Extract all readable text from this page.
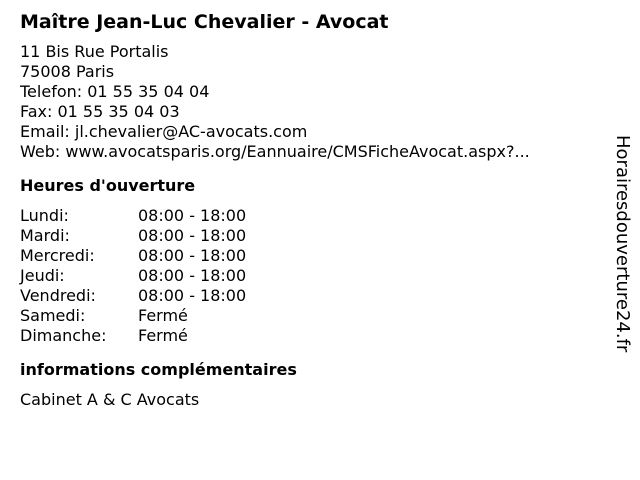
Maître Jean-Luc Chevalier - Avocat
11 Bis Rue Portalis
75008 Paris
Telefon: 01 55 35 04 04
Fax: 01 55 35 04 03
Email: jl.chevalier@AC-avocats.com
Web: www.avocatsparis.org/Eannuaire/CMSFicheAvocat.aspx?...
Heures d'ouverture
Lundi:	08:00 - 18:00
Mardi:	08:00 - 18:00
Mercredi:	08:00 - 18:00
Jeudi:	08:00 - 18:00
Vendredi:	08:00 - 18:00
Samedi:	Fermé
Dimanche:	Fermé
informations complémentaires
Cabinet A & C Avocats
Horairesdouverture24.fr
